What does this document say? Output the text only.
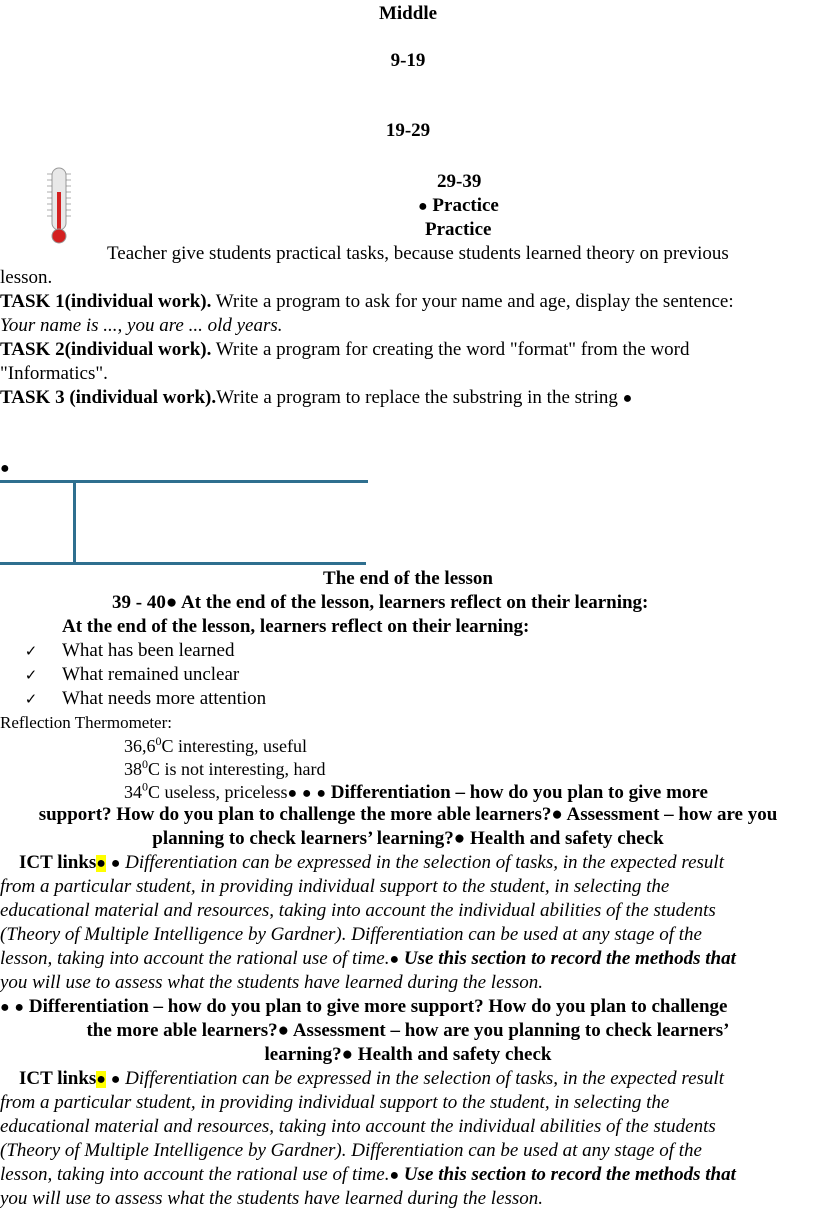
Middle
9-19
19-29
29-39
● Practice
Practice
Teacher give students practical tasks, because students learned theory on previous
lesson.
TASK 1(individual work). Write a program to ask for your name and age, display the sentence:
Your name is ..., you are ... old years.
TASK 2(individual work). Write a program for creating the word "format" from the word
"Informatics".
TASK 3 (individual work).Write a program to replace the substring in the string ●
●
The end of the lesson
39 - 40● At the end of the lesson, learners reflect on their learning:
At the end of the lesson, learners reflect on their learning:
✓ What has been learned
✓ What remained unclear
✓ What needs more attention
Reflection Thermometer:
36,6$^0$C interesting, useful
$38^0C$ is not interesting, hard
$34^0C$ useless, priceless● ● ● Differentiation – how do you plan to give more
support? How do you plan to challenge the more able learners?● Assessment – how are you
planning to check learners’ learning?● Health and safety check
ICT links● ● Differentiation can be expressed in the selection of tasks, in the expected result
from a particular student, in providing individual support to the student, in selecting the
educational material and resources, taking into account the individual abilities of the students
(Theory of Multiple Intelligence by Gardner). Differentiation can be used at any stage of the
lesson, taking into account the rational use of time.● Use this section to record the methods that
you will use to assess what the students have learned during the lesson.
● ● Differentiation – how do you plan to give more support? How do you plan to challenge
the more able learners?● Assessment – how are you planning to check learners’
learning?● Health and safety check
ICT links● ● Differentiation can be expressed in the selection of tasks, in the expected result
from a particular student, in providing individual support to the student, in selecting the
educational material and resources, taking into account the individual abilities of the students
(Theory of Multiple Intelligence by Gardner). Differentiation can be used at any stage of the
lesson, taking into account the rational use of time.● Use this section to record the methods that
you will use to assess what the students have learned during the lesson.
